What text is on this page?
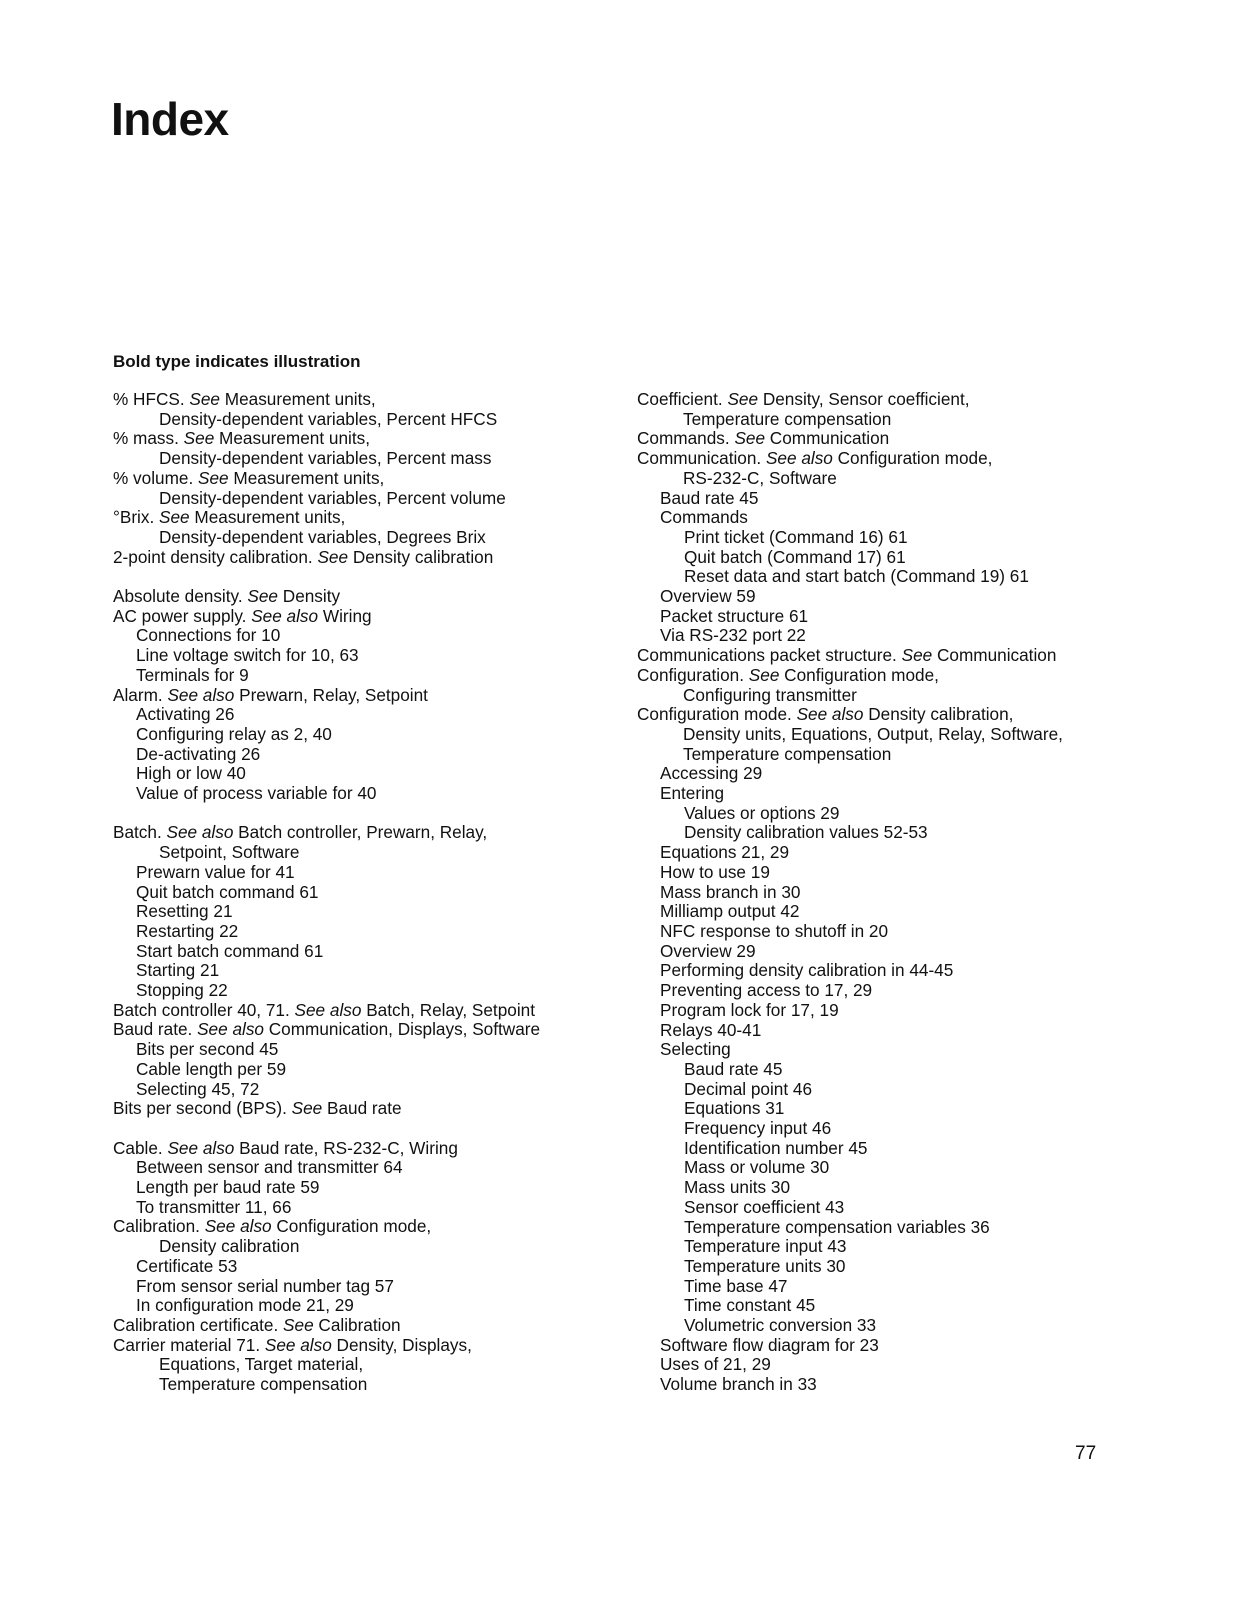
Index

Bold type indicates illustration

% HFCS. See Measurement units,
Density-dependent variables, Percent HFCS
% mass. See Measurement units,
Density-dependent variables, Percent mass
% volume. See Measurement units,
Density-dependent variables, Percent volume
°Brix. See Measurement units,
Density-dependent variables, Degrees Brix
2-point density calibration. See Density calibration
Absolute density. See Density
AC power supply. See also Wiring
Connections for 10
Line voltage switch for 10, 63
Terminals for 9
Alarm. See also Prewarn, Relay, Setpoint
Activating 26
Configuring relay as 2, 40
De-activating 26
High or low 40
Value of process variable for 40
Batch. See also Batch controller, Prewarn, Relay,
Setpoint, Software
Prewarn value for 41
Quit batch command 61
Resetting 21
Restarting 22
Start batch command 61
Starting 21
Stopping 22
Batch controller 40, 71. See also Batch, Relay, Setpoint
Baud rate. See also Communication, Displays, Software
Bits per second 45
Cable length per 59
Selecting 45, 72
Bits per second (BPS). See Baud rate
Cable. See also Baud rate, RS-232-C, Wiring
Between sensor and transmitter 64
Length per baud rate 59
To transmitter 11, 66
Calibration. See also Configuration mode,
Density calibration
Certificate 53
From sensor serial number tag 57
In configuration mode 21, 29
Calibration certificate. See Calibration
Carrier material 71. See also Density, Displays,
Equations, Target material,
Temperature compensation
Coefficient. See Density, Sensor coefficient,
Temperature compensation
Commands. See Communication
Communication. See also Configuration mode,
RS-232-C, Software
Baud rate 45
Commands
Print ticket (Command 16) 61
Quit batch (Command 17) 61
Reset data and start batch (Command 19) 61
Overview 59
Packet structure 61
Via RS-232 port 22
Communications packet structure. See Communication
Configuration. See Configuration mode,
Configuring transmitter
Configuration mode. See also Density calibration,
Density units, Equations, Output, Relay, Software,
Temperature compensation
Accessing 29
Entering
Values or options 29
Density calibration values 52-53
Equations 21, 29
How to use 19
Mass branch in 30
Milliamp output 42
NFC response to shutoff in 20
Overview 29
Performing density calibration in 44-45
Preventing access to 17, 29
Program lock for 17, 19
Relays 40-41
Selecting
Baud rate 45
Decimal point 46
Equations 31
Frequency input 46
Identification number 45
Mass or volume 30
Mass units 30
Sensor coefficient 43
Temperature compensation variables 36
Temperature input 43
Temperature units 30
Time base 47
Time constant 45
Volumetric conversion 33
Software flow diagram for 23
Uses of 21, 29
Volume branch in 33

77
